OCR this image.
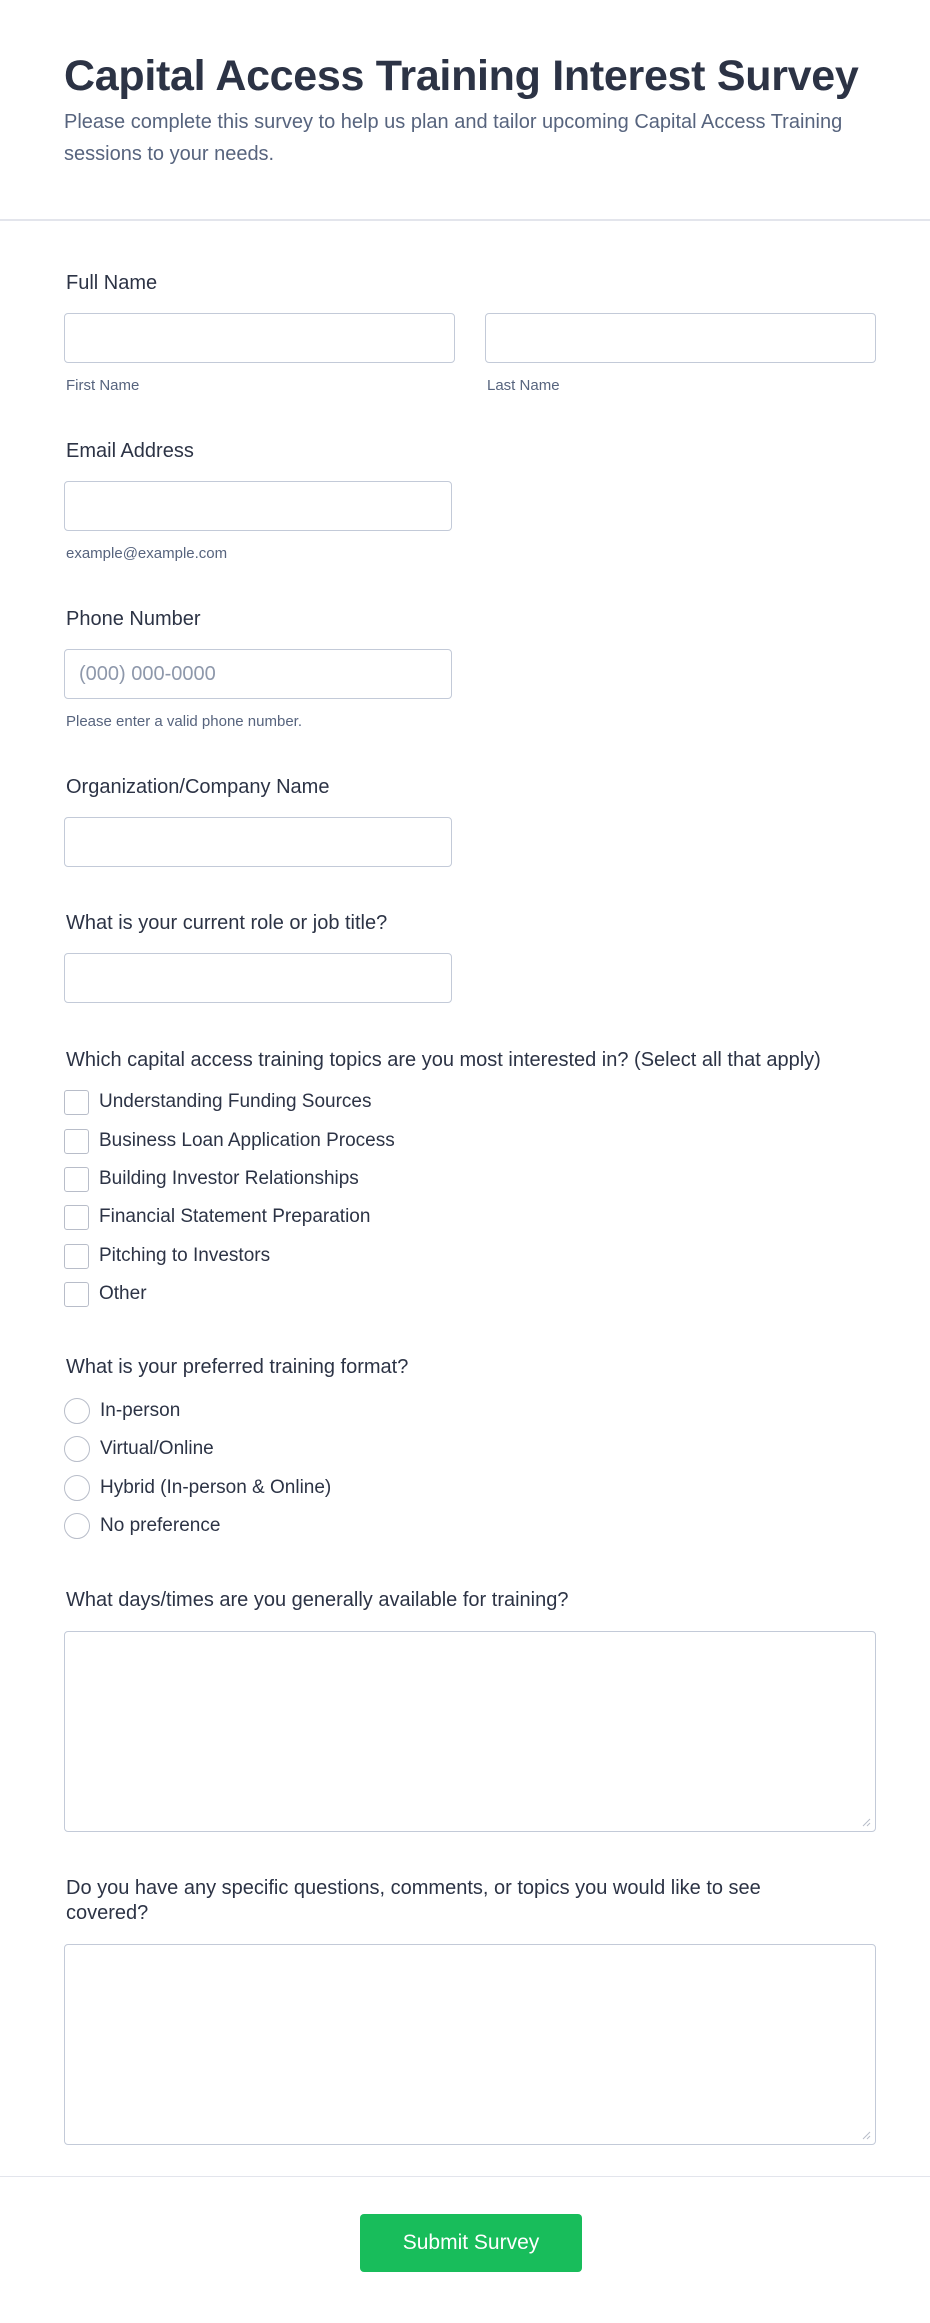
Capital Access Training Interest Survey
Please complete this survey to help us plan and tailor upcoming Capital Access Training sessions to your needs.
Full Name
First Name	Last Name
Email Address
example@example.com
Phone Number
(000) 000-0000
Please enter a valid phone number.
Organization/Company Name
What is your current role or job title?
Which capital access training topics are you most interested in? (Select all that apply)
Understanding Funding Sources
Business Loan Application Process
Building Investor Relationships
Financial Statement Preparation
Pitching to Investors
Other
What is your preferred training format?
In-person
Virtual/Online
Hybrid (In-person & Online)
No preference
What days/times are you generally available for training?
Do you have any specific questions, comments, or topics you would like to see
covered?
Submit Survey
